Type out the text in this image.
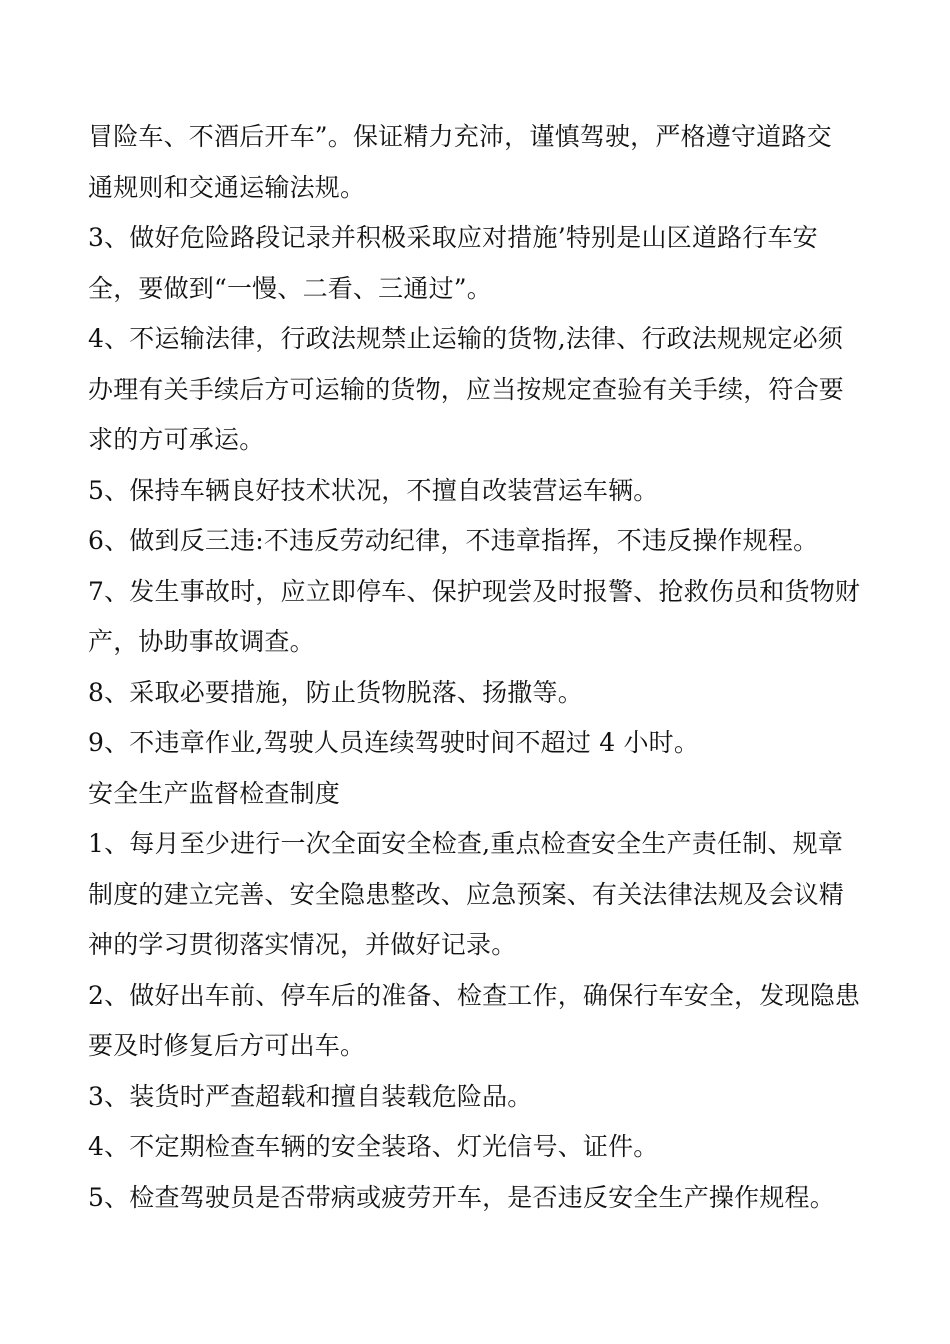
冒险车、不酒后开车”。保证精力充沛，谨慎驾驶，严格遵守道路交
通规则和交通运输法规。
3、做好危险路段记录并积极采取应对措施’特别是山区道路行车安
全，要做到“一慢、二看、三通过”。
4、不运输法律，行政法规禁止运输的货物,法律、行政法规规定必须
办理有关手续后方可运输的货物，应当按规定查验有关手续，符合要
求的方可承运。
5、保持车辆良好技术状况，不擅自改装营运车辆。
6、做到反三违:不违反劳动纪律，不违章指挥，不违反操作规程。
7、发生事故时，应立即停车、保护现尝及时报警、抢救伤员和货物财
产，协助事故调查。
8、采取必要措施，防止货物脱落、扬撒等。
9、不违章作业,驾驶人员连续驾驶时间不超过 4 小时。
安全生产监督检查制度
1、每月至少进行一次全面安全检查,重点检查安全生产责任制、规章
制度的建立完善、安全隐患整改、应急预案、有关法律法规及会议精
神的学习贯彻落实情况，并做好记录。
2、做好出车前、停车后的准备、检查工作，确保行车安全，发现隐患
要及时修复后方可出车。
3、装货时严查超载和擅自装载危险品。
4、不定期检查车辆的安全装珞、灯光信号、证件。
5、检查驾驶员是否带病或疲劳开车，是否违反安全生产操作规程。
